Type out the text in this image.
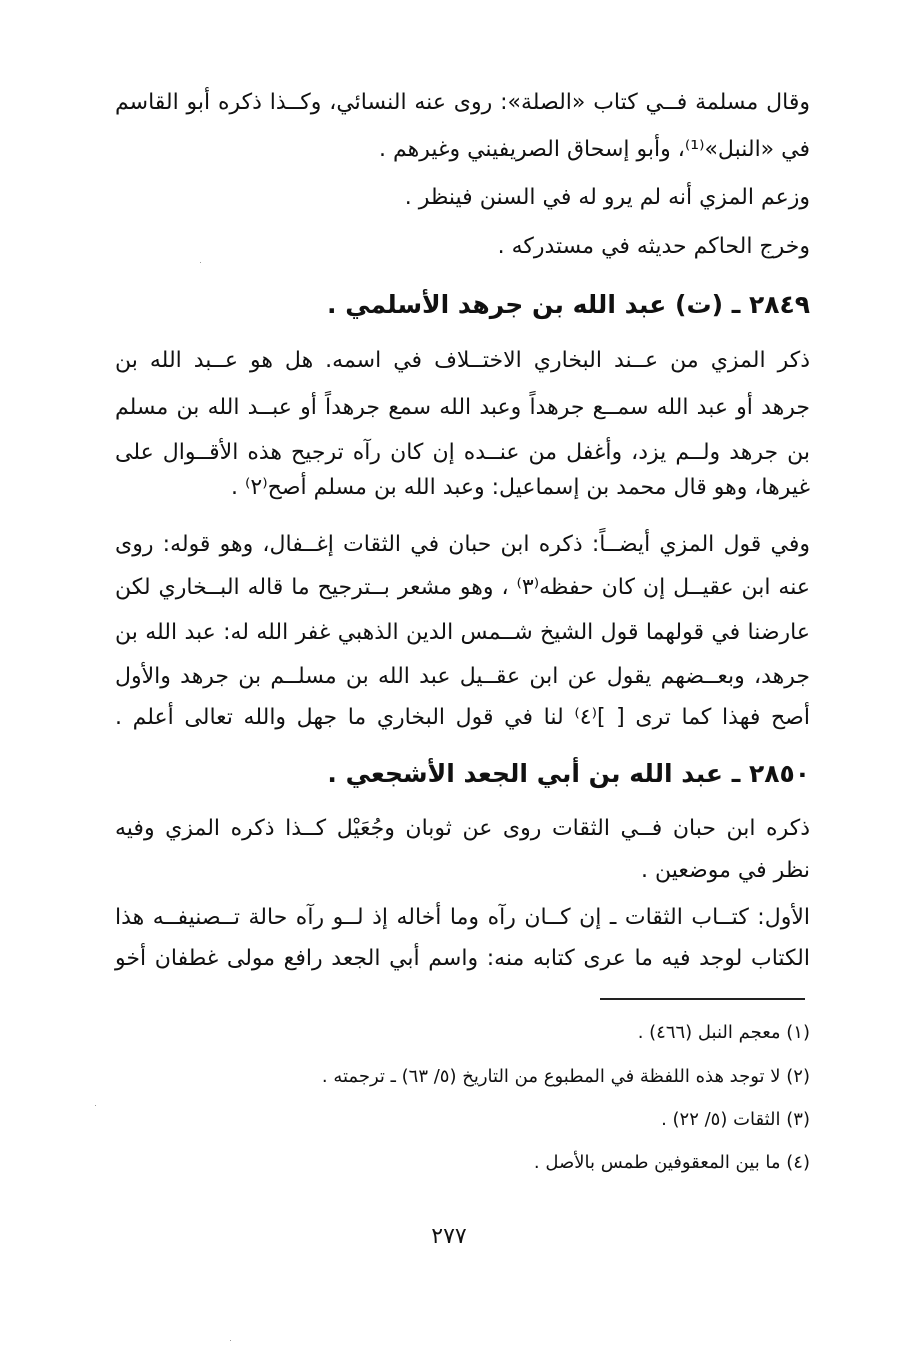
وقال مسلمة فــي كتاب «الصلة»: روى عنه النسائي، وكــذا ذكره أبو القاسم
في «النبل»⁽¹⁾، وأبو إسحاق الصريفيني وغيرهم .
وزعم المزي أنه لم يرو له في السنن فينظر .
وخرج الحاكم حديثه في مستدركه .
٢٨٤٩ ـ (ت) عبد الله بن جرهد الأسلمي .
ذكر المزي من عــند البخاري الاختــلاف في اسمه. هل هو عــبد الله بن
جرهد أو عبد الله سمــع جرهداً وعبد الله سمع جرهداً أو عبــد الله بن مسلم
بن جرهد ولــم يزد، وأغفل من عنــده إن كان رآه ترجيح هذه الأقــوال على
غيرها، وهو قال محمد بن إسماعيل: وعبد الله بن مسلم أصح⁽٢⁾ .
وفي قول المزي أيضــاً: ذكره ابن حبان في الثقات إغــفال، وهو قوله: روى
عنه ابن عقيــل إن كان حفظه⁽٣⁾ ، وهو مشعر بــترجيح ما قاله البــخاري لكن
عارضنا في قولهما قول الشيخ شــمس الدين الذهبي غفر الله له: عبد الله بن
جرهد، وبعــضهم يقول عن ابن عقــيل عبد الله بن مسلــم بن جرهد والأول
أصح فهذا كما ترى [ ]⁽٤⁾ لنا في قول البخاري ما جهل والله تعالى أعلم .
٢٨٥٠ ـ عبد الله بن أبي الجعد الأشجعي .
ذكره ابن حبان فــي الثقات روى عن ثوبان وجُعَيْل كــذا ذكره المزي وفيه
نظر في موضعين .
الأول: كتــاب الثقات ـ إن كــان رآه وما أخاله إذ لــو رآه حالة تــصنيفــه هذا
الكتاب لوجد فيه ما عرى كتابه منه: واسم أبي الجعد رافع مولى غطفان أخو
(١) معجم النبل (٤٦٦) .
(٢) لا توجد هذه اللفظة في المطبوع من التاريخ (٥/ ٦٣) ـ ترجمته .
(٣) الثقات (٥/ ٢٢) .
(٤) ما بين المعقوفين طمس بالأصل .
٢٧٧
